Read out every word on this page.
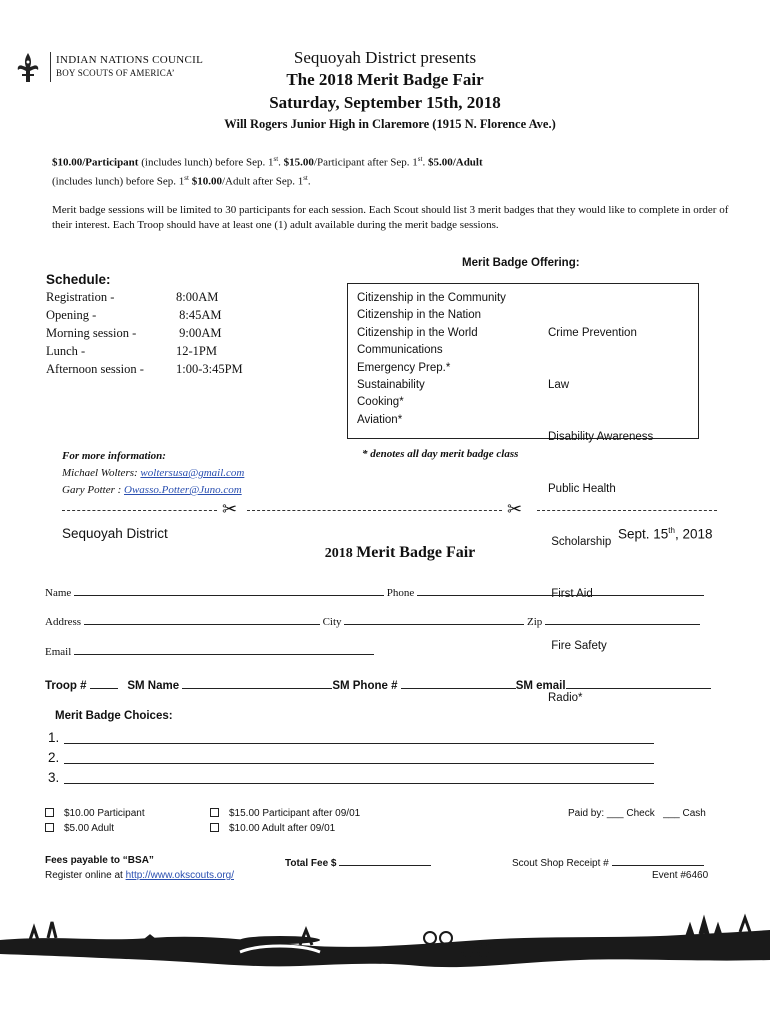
INDIAN NATIONS COUNCIL
BOY SCOUTS OF AMERICA’
Sequoyah District presents
The 2018 Merit Badge Fair
Saturday, September 15th, 2018
Will Rogers Junior High in Claremore (1915 N. Florence Ave.)
$10.00/Participant (includes lunch) before Sep. 1st. $15.00/Participant after Sep. 1st. $5.00/Adult
(includes lunch) before Sep. 1st $10.00/Adult after Sep. 1st.
Merit badge sessions will be limited to 30 participants for each session. Each Scout should list 3 merit badges that they would like to complete in order of their interest. Each Troop should have at least one (1) adult available during the merit badge sessions.
Schedule:
Registration -	8:00AM
Opening -	8:45AM
Morning session -	9:00AM
Lunch -	12-1PM
Afternoon session -	1:00-3:45PM
Merit Badge Offering:
Citizenship in the Community
Citizenship in the Nation
Citizenship in the World
Communications
Emergency Prep.*
Sustainability
Cooking*
Aviation*

Crime Prevention

Law

Disability Awareness

Public Health

Scholarship

First Aid

Fire Safety

Radio*

For more information:
Michael Wolters: woltersusa@gmail.com
Gary Potter : Owasso.Potter@Juno.com
* denotes all day merit badge class
✂	✂
Sequoyah District	Sept. 15th, 2018
2018 Merit Badge Fair
Name	Phone
Address	City	Zip
Email
Troop #	SM Name	SM Phone #	SM email
Merit Badge Choices:
1.
2.
3.
$10.00 Participant
$5.00 Adult
$15.00 Participant after 09/01
$10.00 Adult after 09/01
Paid by: ___ Check ___ Cash
Fees payable to “BSA”	Total Fee $	Scout Shop Receipt #
Register online at http://www.okscouts.org/	Event #6460
